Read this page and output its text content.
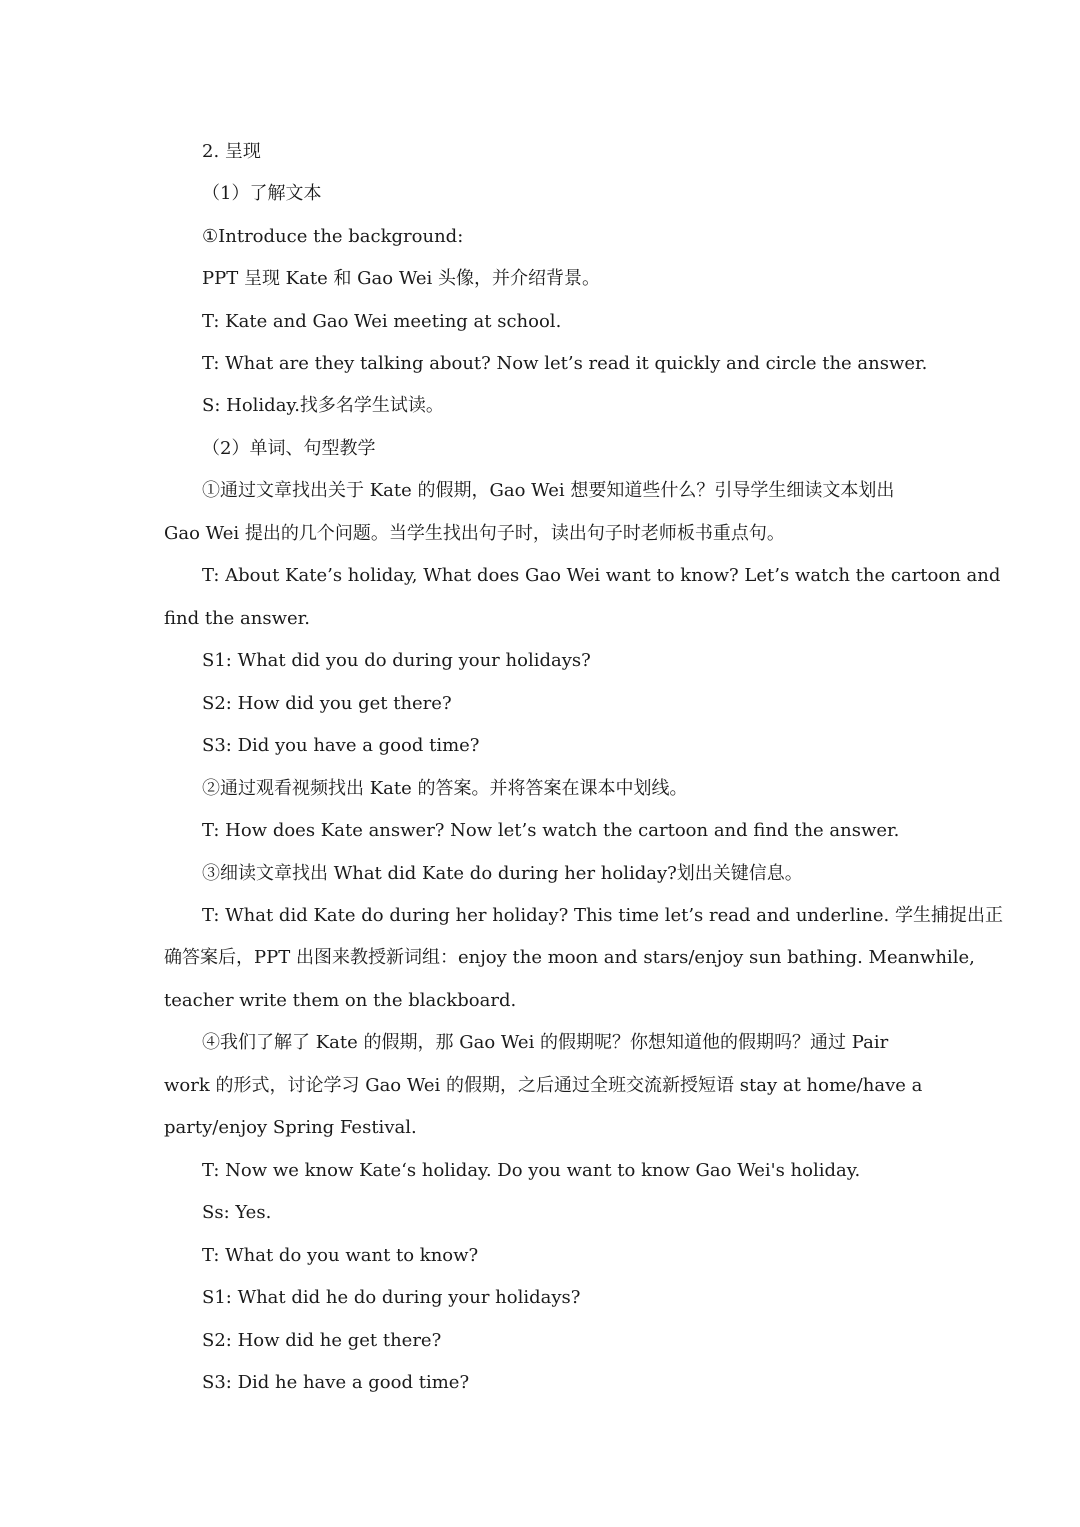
2. 呈现

（1）了解文本

①Introduce the background:

PPT 呈现 Kate 和 Gao Wei 头像，并介绍背景。

T: Kate and Gao Wei meeting at school.

T: What are they talking about? Now let’s read it quickly and circle the answer.

S: Holiday.找多名学生试读。

（2）单词、句型教学

①通过文章找出关于 Kate 的假期，Gao Wei 想要知道些什么？引导学生细读文本划出

Gao Wei 提出的几个问题。当学生找出句子时，读出句子时老师板书重点句。

T: About Kate’s holiday, What does Gao Wei want to know? Let’s watch the cartoon and

find the answer.

S1: What did you do during your holidays?

S2: How did you get there?

S3: Did you have a good time?

②通过观看视频找出 Kate 的答案。并将答案在课本中划线。

T: How does Kate answer? Now let’s watch the cartoon and find the answer.

③细读文章找出 What did Kate do during her holiday?划出关键信息。

T: What did Kate do during her holiday? This time let’s read and underline. 学生捕捉出正

确答案后，PPT 出图来教授新词组：enjoy the moon and stars/enjoy sun bathing. Meanwhile,

teacher write them on the blackboard.

④我们了解了 Kate 的假期，那 Gao Wei 的假期呢？你想知道他的假期吗？通过 Pair

work 的形式，讨论学习 Gao Wei 的假期，之后通过全班交流新授短语 stay at home/have a

party/enjoy Spring Festival.

T: Now we know Kate‘s holiday. Do you want to know Gao Wei's holiday.

Ss: Yes.

T: What do you want to know?

S1: What did he do during your holidays?

S2: How did he get there?

S3: Did he have a good time?
